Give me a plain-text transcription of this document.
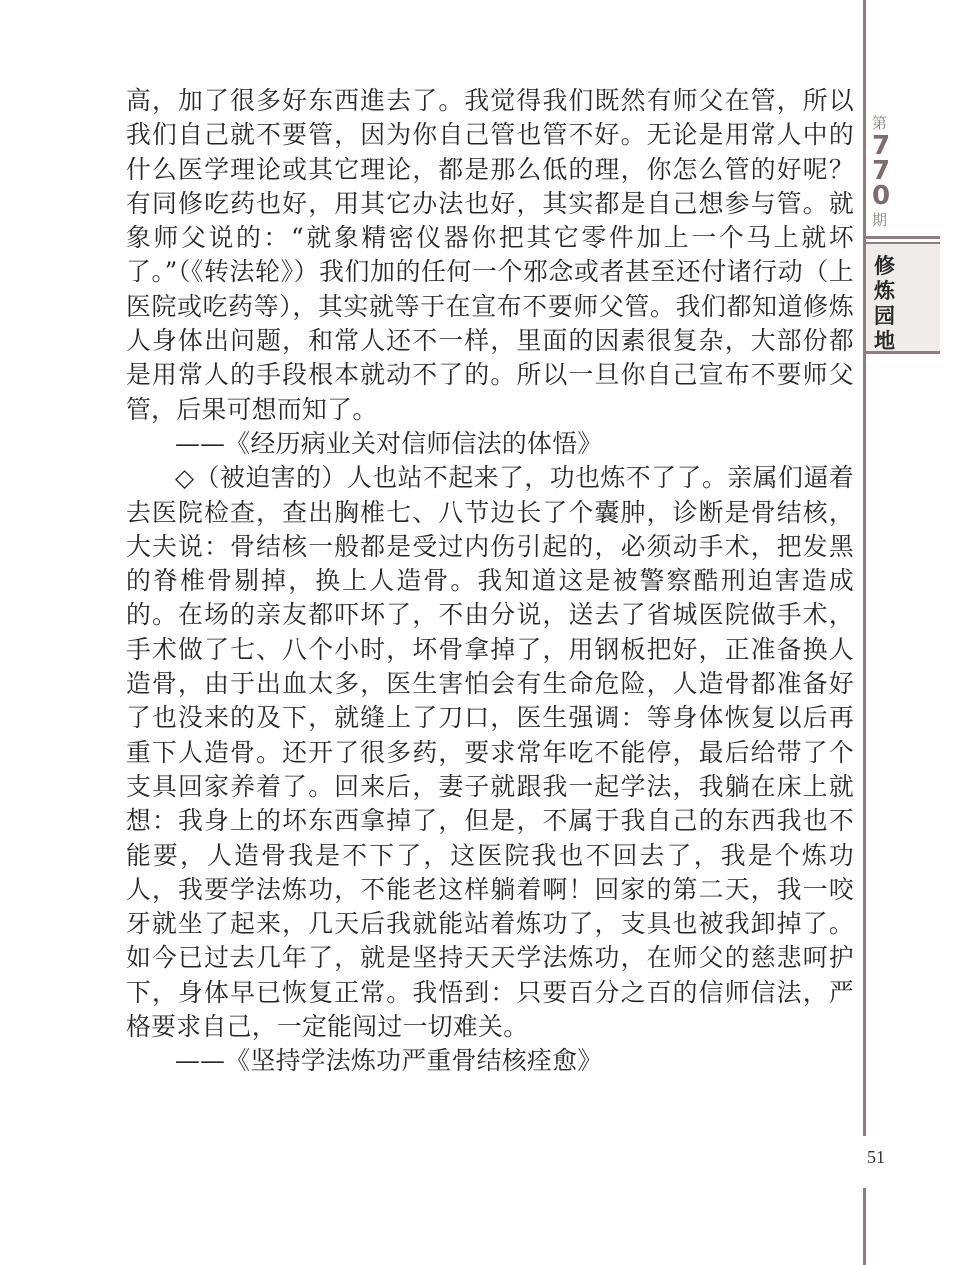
高，加了很多好东西進去了。我觉得我们既然有师父在管，所以我们自己就不要管，因为你自己管也管不好。无论是用常人中的什么医学理论或其它理论，都是那么低的理，你怎么管的好呢？有同修吃药也好，用其它办法也好，其实都是自己想参与管。就象师父说的：“就象精密仪器你把其它零件加上一个马上就坏了。”（《转法轮》）我们加的任何一个邪念或者甚至还付诸行动（上医院或吃药等），其实就等于在宣布不要师父管。我们都知道修炼人身体出问题，和常人还不一样，里面的因素很复杂，大部份都是用常人的手段根本就动不了的。所以一旦你自己宣布不要师父管，后果可想而知了。

——《经历病业关对信师信法的体悟》

◇（被迫害的）人也站不起来了，功也炼不了了。亲属们逼着去医院检查，查出胸椎七、八节边长了个囊肿，诊断是骨结核，大夫说：骨结核一般都是受过内伤引起的，必须动手术，把发黑的脊椎骨剔掉，换上人造骨。我知道这是被警察酷刑迫害造成的。在场的亲友都吓坏了，不由分说，送去了省城医院做手术，手术做了七、八个小时，坏骨拿掉了，用钢板把好，正准备换人造骨，由于出血太多，医生害怕会有生命危险，人造骨都准备好了也没来的及下，就缝上了刀口，医生强调：等身体恢复以后再重下人造骨。还开了很多药，要求常年吃不能停，最后给带了个支具回家养着了。回来后，妻子就跟我一起学法，我躺在床上就想：我身上的坏东西拿掉了，但是，不属于我自己的东西我也不能要，人造骨我是不下了，这医院我也不回去了，我是个炼功人，我要学法炼功，不能老这样躺着啊！回家的第二天，我一咬牙就坐了起来，几天后我就能站着炼功了，支具也被我卸掉了。如今已过去几年了，就是坚持天天学法炼功，在师父的慈悲呵护下，身体早已恢复正常。我悟到：只要百分之百的信师信法，严格要求自己，一定能闯过一切难关。

——《坚持学法炼功严重骨结核痊愈》

第
770
期
修炼园地
51
